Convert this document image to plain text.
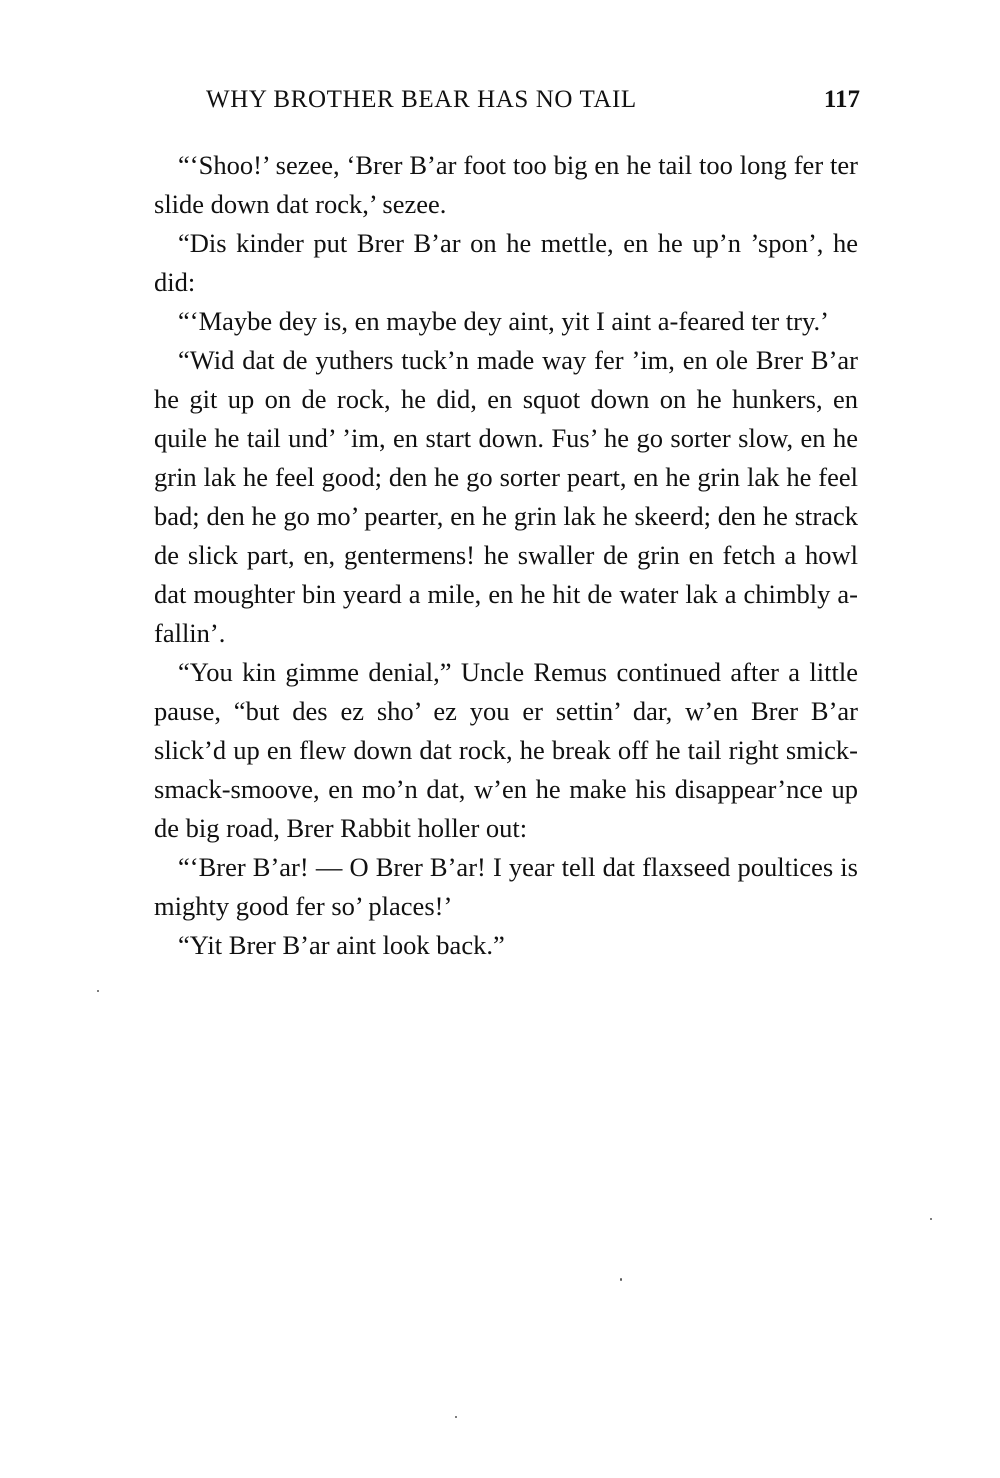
WHY BROTHER BEAR HAS NO TAIL	117

“‘Shoo!’ sezee, ‘Brer B’ar foot too big en he tail too long fer ter slide down dat rock,’ sezee.

“Dis kinder put Brer B’ar on he mettle, en he up’n ’spon’, he did:

“‘Maybe dey is, en maybe dey aint, yit I aint a-feared ter try.’

“Wid dat de yuthers tuck’n made way fer ’im, en ole Brer B’ar he git up on de rock, he did, en squot down on he hunkers, en quile he tail und’ ’im, en start down. Fus’ he go sorter slow, en he grin lak he feel good; den he go sorter peart, en he grin lak he feel bad; den he go mo’ pearter, en he grin lak he skeerd; den he strack de slick part, en, gentermens! he swaller de grin en fetch a howl dat moughter bin yeard a mile, en he hit de water lak a chimbly a-fallin’.

“You kin gimme denial,” Uncle Remus continued after a little pause, “but des ez sho’ ez you er settin’ dar, w’en Brer B’ar slick’d up en flew down dat rock, he break off he tail right smick-smack-smoove, en mo’n dat, w’en he make his disappear’nce up de big road, Brer Rabbit holler out:

“‘Brer B’ar! — O Brer B’ar! I year tell dat flaxseed poultices is mighty good fer so’ places!’

“Yit Brer B’ar aint look back.”
